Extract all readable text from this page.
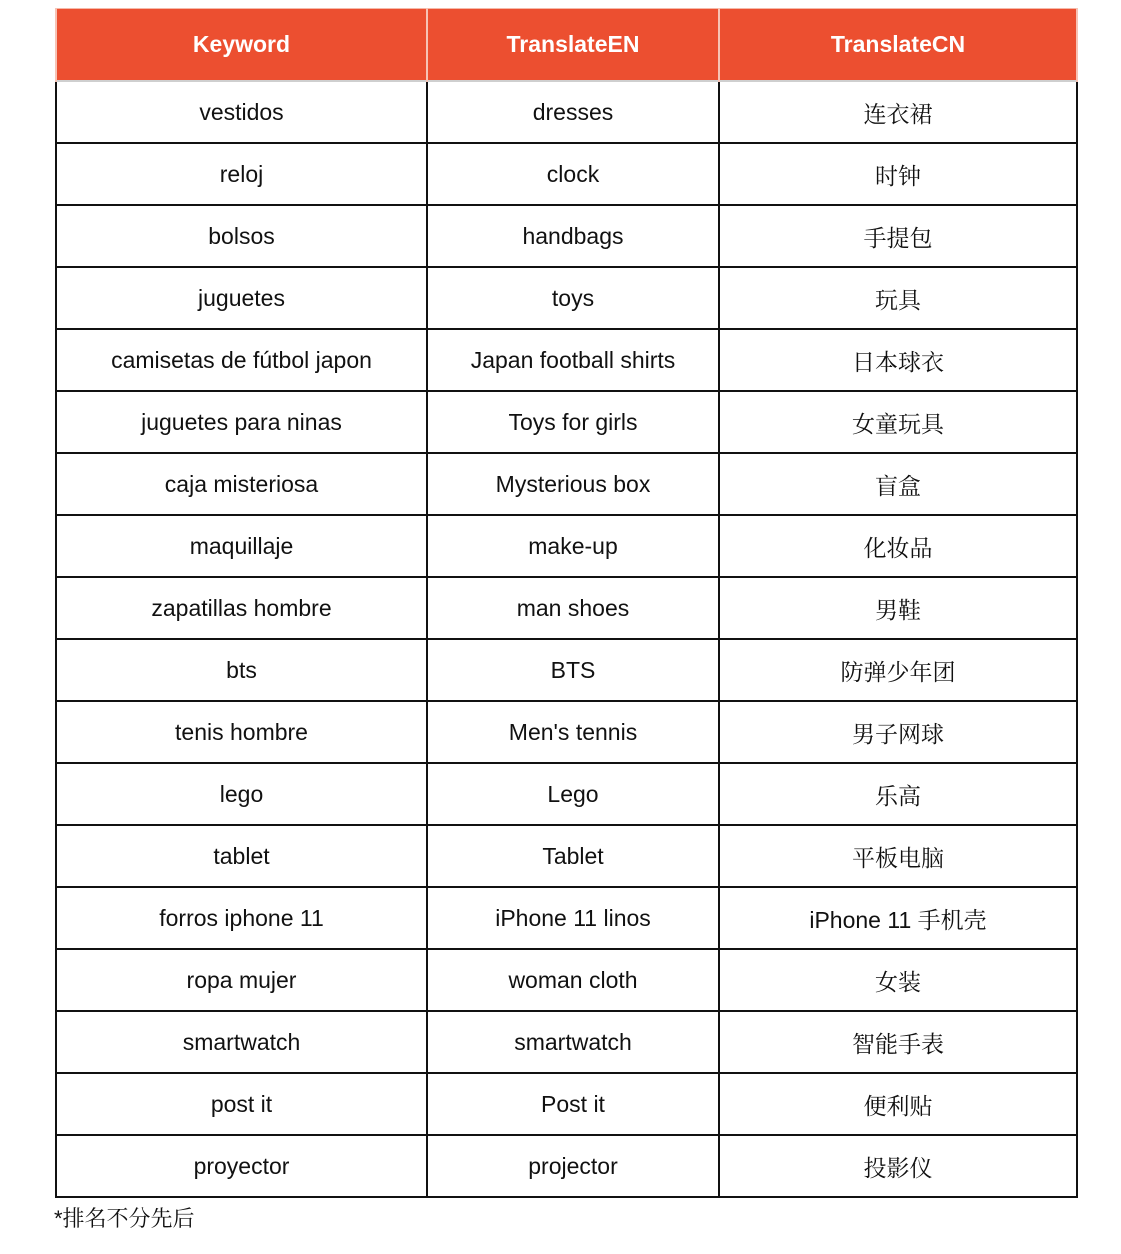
Keyword	TranslateEN	TranslateCN
vestidos	dresses	连衣裙
reloj	clock	时钟
bolsos	handbags	手提包
juguetes	toys	玩具
camisetas de fútbol japon	Japan football shirts	日本球衣
juguetes para ninas	Toys for girls	女童玩具
caja misteriosa	Mysterious box	盲盒
maquillaje	make-up	化妆品
zapatillas hombre	man shoes	男鞋
bts	BTS	防弹少年团
tenis hombre	Men's tennis	男子网球
lego	Lego	乐高
tablet	Tablet	平板电脑
forros iphone 11	iPhone 11 linos	iPhone 11 手机壳
ropa mujer	woman cloth	女装
smartwatch	smartwatch	智能手表
post it	Post it	便利贴
proyector	projector	投影仪
*排名不分先后
